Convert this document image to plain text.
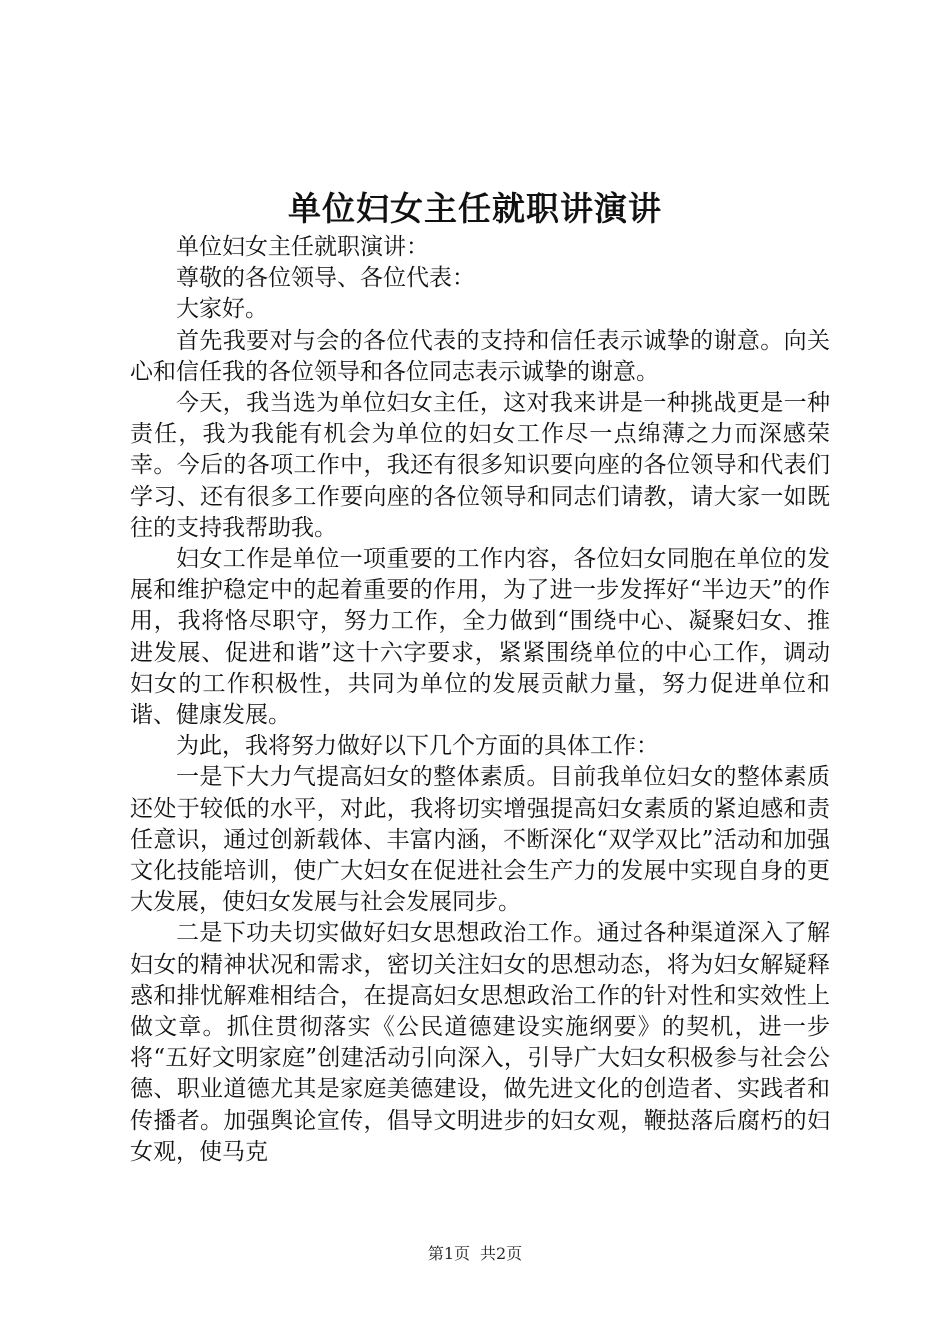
单位妇女主任就职讲演讲

单位妇女主任就职演讲：

尊敬的各位领导、各位代表：

大家好。

首先我要对与会的各位代表的支持和信任表示诚挚的谢意。向关心和信任我的各位领导和各位同志表示诚挚的谢意。

今天，我当选为单位妇女主任，这对我来讲是一种挑战更是一种责任，我为我能有机会为单位的妇女工作尽一点绵薄之力而深感荣幸。今后的各项工作中，我还有很多知识要向座的各位领导和代表们学习、还有很多工作要向座的各位领导和同志们请教，请大家一如既往的支持我帮助我。

妇女工作是单位一项重要的工作内容，各位妇女同胞在单位的发展和维护稳定中的起着重要的作用，为了进一步发挥好“半边天”的作用，我将恪尽职守，努力工作，全力做到“围绕中心、凝聚妇女、推进发展、促进和谐”这十六字要求，紧紧围绕单位的中心工作，调动妇女的工作积极性，共同为单位的发展贡献力量，努力促进单位和谐、健康发展。

为此，我将努力做好以下几个方面的具体工作：

一是下大力气提高妇女的整体素质。目前我单位妇女的整体素质还处于较低的水平，对此，我将切实增强提高妇女素质的紧迫感和责任意识，通过创新载体、丰富内涵，不断深化“双学双比”活动和加强文化技能培训，使广大妇女在促进社会生产力的发展中实现自身的更大发展，使妇女发展与社会发展同步。

二是下功夫切实做好妇女思想政治工作。通过各种渠道深入了解妇女的精神状况和需求，密切关注妇女的思想动态，将为妇女解疑释惑和排忧解难相结合，在提高妇女思想政治工作的针对性和实效性上做文章。抓住贯彻落实《公民道德建设实施纲要》的契机，进一步将“五好文明家庭”创建活动引向深入，引导广大妇女积极参与社会公德、职业道德尤其是家庭美德建设，做先进文化的创造者、实践者和传播者。加强舆论宣传，倡导文明进步的妇女观，鞭挞落后腐朽的妇女观，使马克

第1页 共2页
